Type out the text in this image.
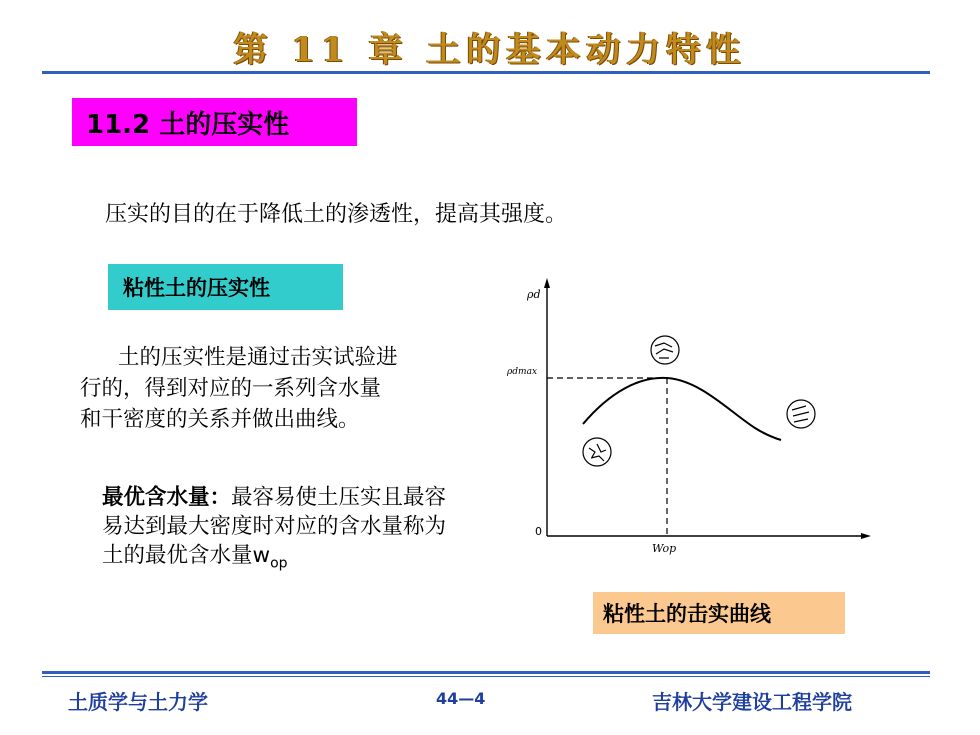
第 11 章 土的基本动力特性
11.2 土的压实性
压实的目的在于降低土的渗透性，提高其强度。
粘性土的压实性

土的压实性是通过击实试验进

行的，得到对应的一系列含水量

和干密度的关系并做出曲线。

最优含水量：最容易使土压实且最容易达到最大密度时对应的含水量称为土的最优含水量$w_{op}$
ρd
ρdmax
0
Wop
粘性土的击实曲线
土质学与土力学	44—4	吉林大学建设工程学院
